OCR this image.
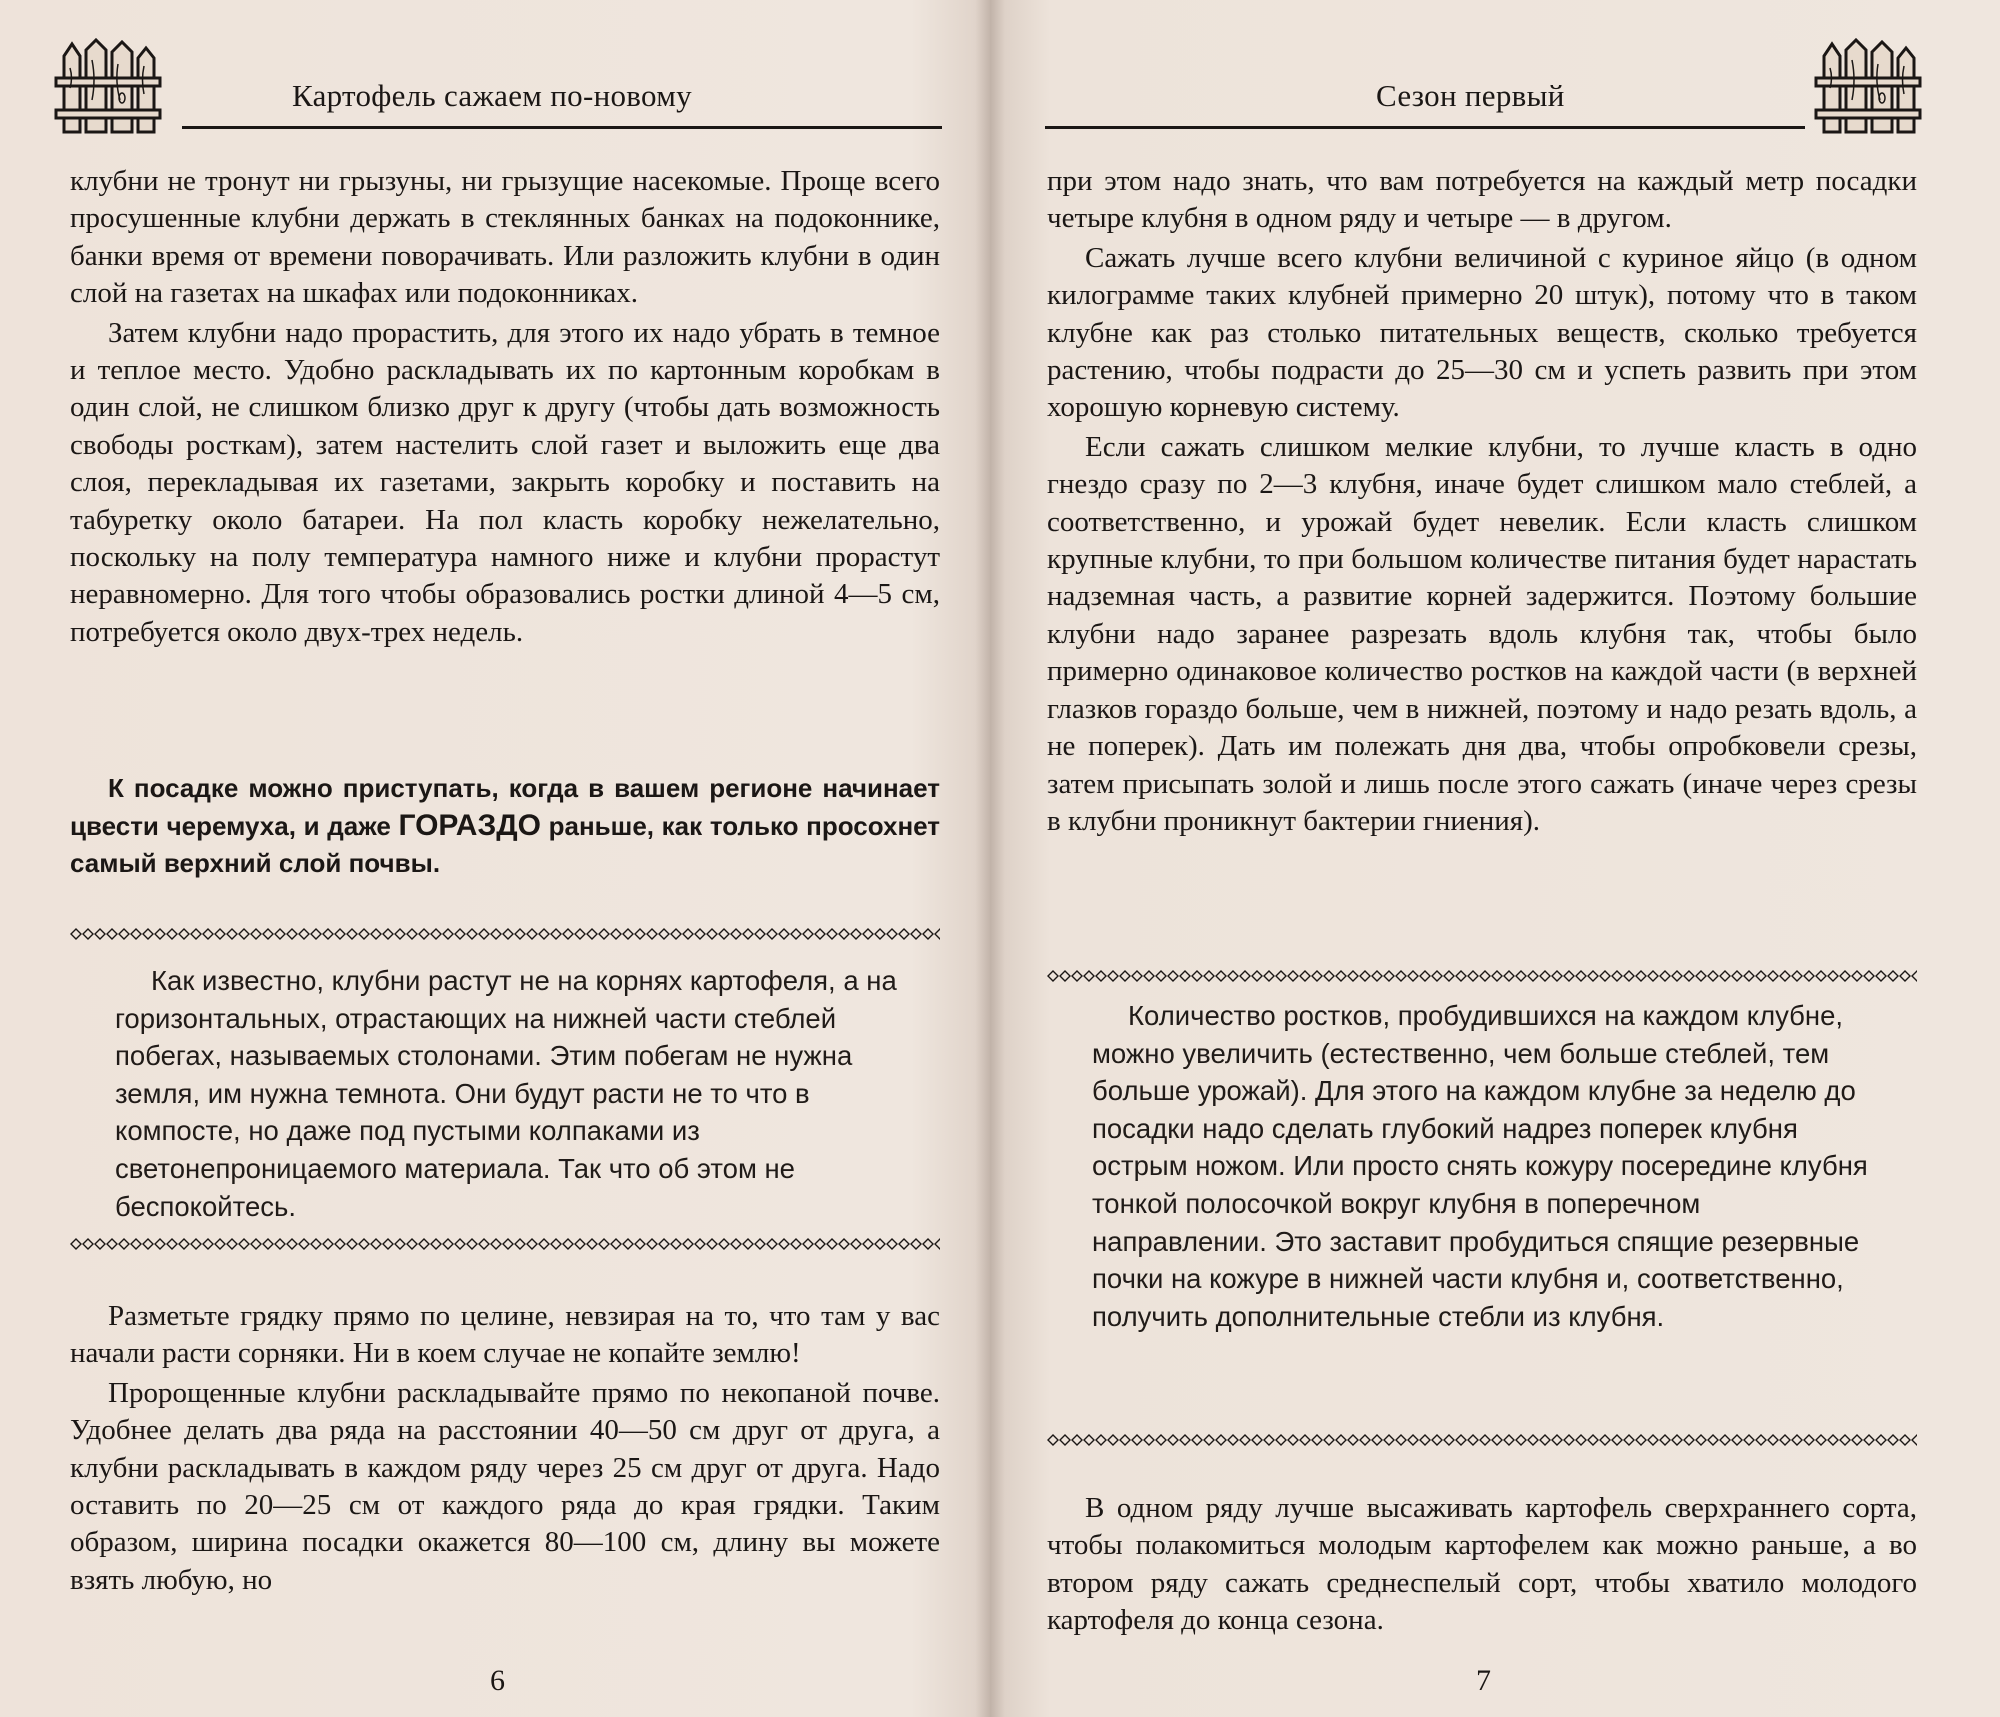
Картофель сажаем по-новому

клубни не тронут ни грызуны, ни грызущие насекомые. Проще всего просушенные клубни держать в стеклянных банках на подоконнике, банки время от времени поворачивать. Или разложить клубни в один слой на газетах на шкафах или подоконниках.

Затем клубни надо прорастить, для этого их надо убрать в темное и теплое место. Удобно раскладывать их по картонным коробкам в один слой, не слишком близко друг к другу (чтобы дать возможность свободы росткам), затем настелить слой газет и выложить еще два слоя, перекладывая их газетами, закрыть коробку и поставить на табуретку около батареи. На пол класть коробку нежелательно, поскольку на полу температура намного ниже и клубни прорастут неравномерно. Для того чтобы образовались ростки длиной 4—5 см, потребуется около двух-трех недель.

К посадке можно приступать, когда в вашем регионе начинает цвести черемуха, и даже ГОРАЗДО раньше, как только просохнет самый верхний слой почвы.

Как известно, клубни растут не на корнях картофеля, а на горизонтальных, отрастающих на нижней части стеблей побегах, называемых столонами. Этим побегам не нужна земля, им нужна темнота. Они будут расти не то что в компосте, но даже под пустыми колпаками из светонепроницаемого материала. Так что об этом не беспокойтесь.

Разметьте грядку прямо по целине, невзирая на то, что там у вас начали расти сорняки. Ни в коем случае не копайте землю!

Пророщенные клубни раскладывайте прямо по некопаной почве. Удобнее делать два ряда на расстоянии 40—50 см друг от друга, а клубни раскладывать в каждом ряду через 25 см друг от друга. Надо оставить по 20—25 см от каждого ряда до края грядки. Таким образом, ширина посадки окажется 80—100 см, длину вы можете взять любую, но

6
Сезон первый

при этом надо знать, что вам потребуется на каждый метр посадки четыре клубня в одном ряду и четыре — в другом.

Сажать лучше всего клубни величиной с куриное яйцо (в одном килограмме таких клубней примерно 20 штук), потому что в таком клубне как раз столько питательных веществ, сколько требуется растению, чтобы подрасти до 25—30 см и успеть развить при этом хорошую корневую систему.

Если сажать слишком мелкие клубни, то лучше класть в одно гнездо сразу по 2—3 клубня, иначе будет слишком мало стеблей, а соответственно, и урожай будет невелик. Если класть слишком крупные клубни, то при большом количестве питания будет нарастать надземная часть, а развитие корней задержится. Поэтому большие клубни надо заранее разрезать вдоль клубня так, чтобы было примерно одинаковое количество ростков на каждой части (в верхней глазков гораздо больше, чем в нижней, поэтому и надо резать вдоль, а не поперек). Дать им полежать дня два, чтобы опробковели срезы, затем присыпать золой и лишь после этого сажать (иначе через срезы в клубни проникнут бактерии гниения).

Количество ростков, пробудившихся на каждом клубне, можно увеличить (естественно, чем больше стеблей, тем больше урожай). Для этого на каждом клубне за неделю до посадки надо сделать глубокий надрез поперек клубня острым ножом. Или просто снять кожуру посередине клубня тонкой полосочкой вокруг клубня в поперечном направлении. Это заставит пробудиться спящие резервные почки на кожуре в нижней части клубня и, соответственно, получить дополнительные стебли из клубня.

В одном ряду лучше высаживать картофель сверхраннего сорта, чтобы полакомиться молодым картофелем как можно раньше, а во втором ряду сажать среднеспелый сорт, чтобы хватило молодого картофеля до конца сезона.

7
